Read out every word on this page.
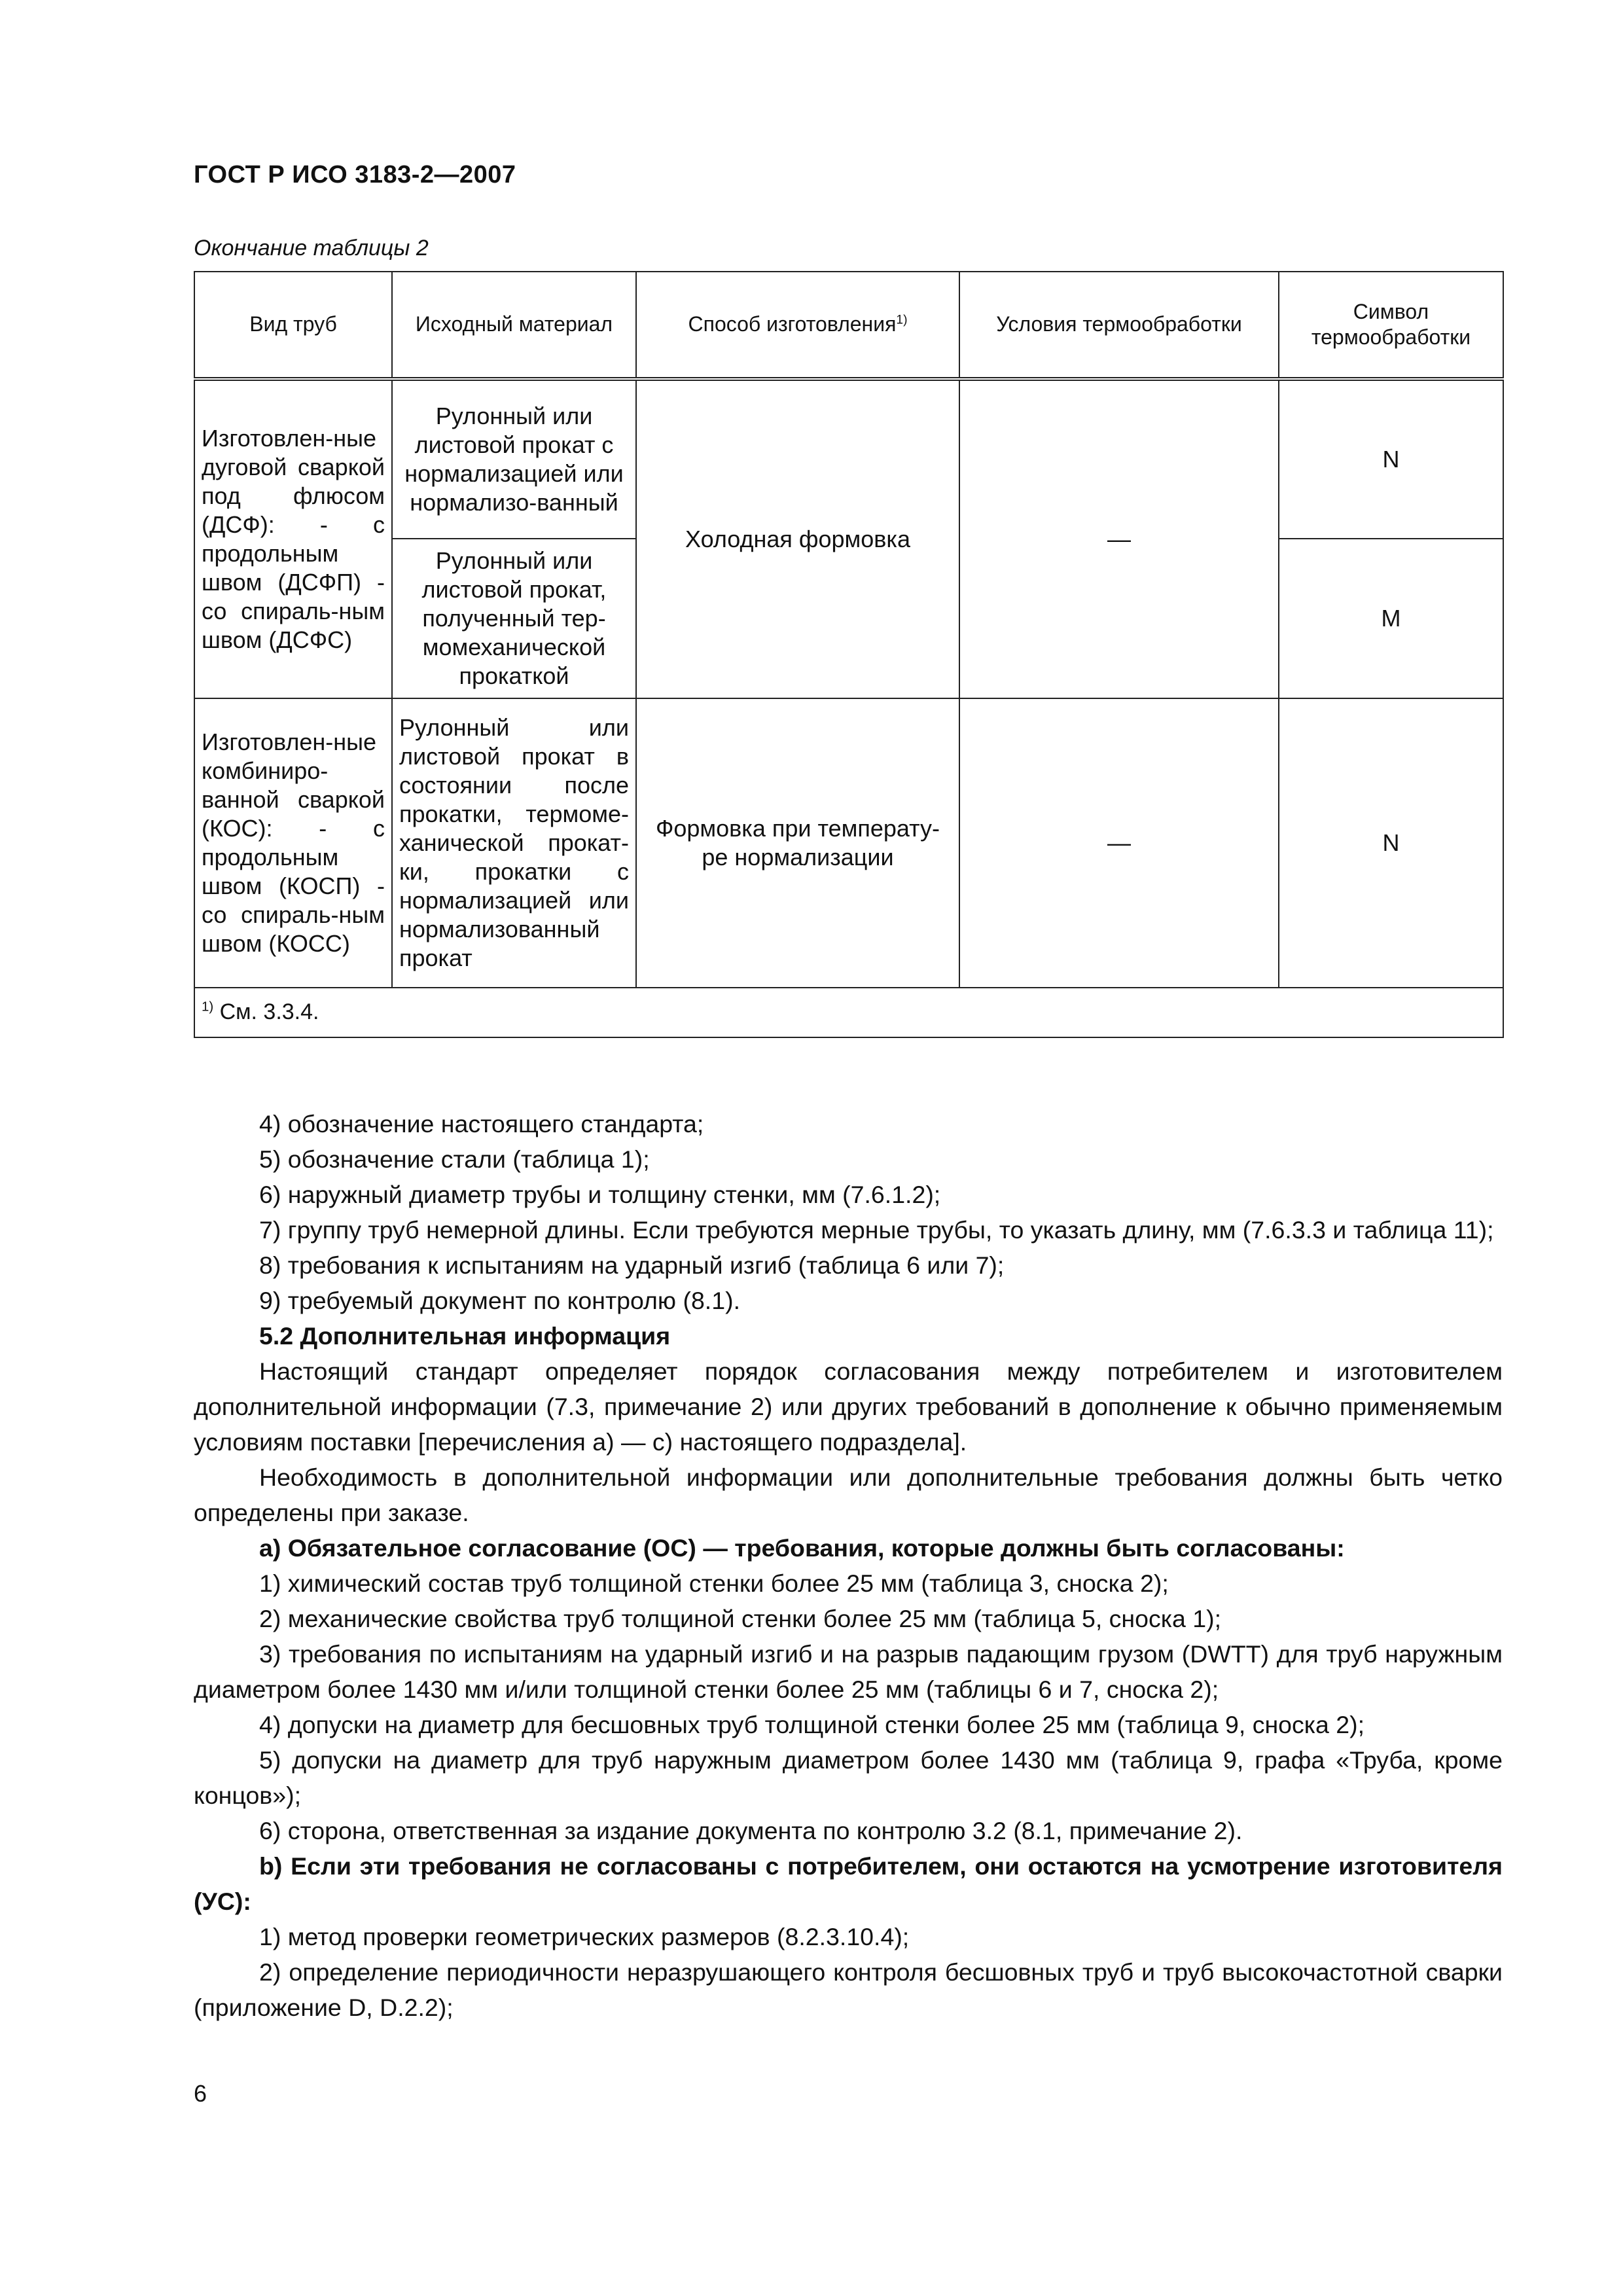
ГОСТ Р ИСО 3183-2—2007
Окончание таблицы 2
Вид труб	Исходный материал	Способ изготовления$^{1)}$	Условия термообработки	Символ термообработки
Изготовлен-ные дуговой сваркой под флюсом (ДСФ): - с продольным швом (ДСФП) - со спираль-ным швом (ДСФС)	Рулонный или листовой прокат с нормализацией или нормализо-ванный	Холодная формовка	—	N
	Рулонный или листовой прокат, полученный тер-момеханической прокаткой			M
Изготовлен-ные комбиниро-ванной сваркой (КОС): - с продольным швом (КОСП) - со спираль-ным швом (КОСС)	Рулонный или листовой прокат в состоянии после прокатки, термоме-ханической прокат-ки, прокатки с нормализацией или нормализованный прокат	Формовка при температу-ре нормализации	—	N
$^{1)}$ См. 3.3.4.				

4) обозначение настоящего стандарта;

5) обозначение стали (таблица 1);

6) наружный диаметр трубы и толщину стенки, мм (7.6.1.2);

7) группу труб немерной длины. Если требуются мерные трубы, то указать длину, мм (7.6.3.3 и таблица 11);

8) требования к испытаниям на ударный изгиб (таблица 6 или 7);

9) требуемый документ по контролю (8.1).

5.2 Дополнительная информация

Настоящий стандарт определяет порядок согласования между потребителем и изготовителем дополнительной информации (7.3, примечание 2) или других требований в дополнение к обычно применяемым условиям поставки [перечисления а) — с) настоящего подраздела].

Необходимость в дополнительной информации или дополнительные требования должны быть четко определены при заказе.

a) Обязательное согласование (ОС) — требования, которые должны быть согласованы:

1) химический состав труб толщиной стенки более 25 мм (таблица 3, сноска 2);

2) механические свойства труб толщиной стенки более 25 мм (таблица 5, сноска 1);

3) требования по испытаниям на ударный изгиб и на разрыв падающим грузом (DWTT) для труб наружным диаметром более 1430 мм и/или толщиной стенки более 25 мм (таблицы 6 и 7, сноска 2);

4) допуски на диаметр для бесшовных труб толщиной стенки более 25 мм (таблица 9, сноска 2);

5) допуски на диаметр для труб наружным диаметром более 1430 мм (таблица 9, графа «Труба, кроме концов»);

6) сторона, ответственная за издание документа по контролю 3.2 (8.1, примечание 2).

b) Если эти требования не согласованы с потребителем, они остаются на усмотрение изготовителя (УС):

1) метод проверки геометрических размеров (8.2.3.10.4);

2) определение периодичности неразрушающего контроля бесшовных труб и труб высокочастотной сварки (приложение D, D.2.2);

6
